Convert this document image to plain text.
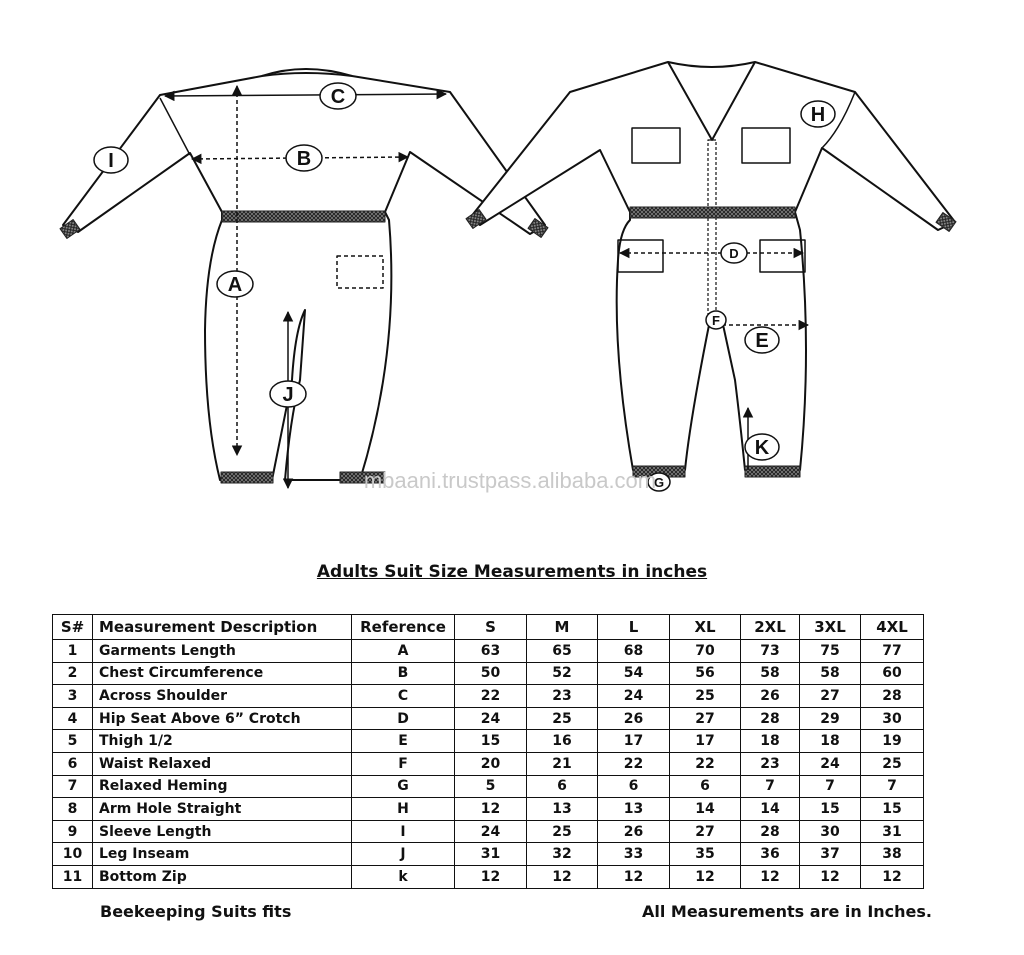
C
B
I
A
J
H
D
F
E
K
G
mbaani.trustpass.alibaba.com
Adults Suit Size Measurements in inches
S#	Measurement Description	Reference	S	M	L	XL	2XL	3XL	4XL
1	Garments Length	A	63	65	68	70	73	75	77
2	Chest Circumference	B	50	52	54	56	58	58	60
3	Across Shoulder	C	22	23	24	25	26	27	28
4	Hip Seat Above 6” Crotch	D	24	25	26	27	28	29	30
5	Thigh 1/2	E	15	16	17	17	18	18	19
6	Waist Relaxed	F	20	21	22	22	23	24	25
7	Relaxed Heming	G	5	6	6	6	7	7	7
8	Arm Hole Straight	H	12	13	13	14	14	15	15
9	Sleeve Length	I	24	25	26	27	28	30	31
10	Leg Inseam	J	31	32	33	35	36	37	38
11	Bottom Zip	k	12	12	12	12	12	12	12
Beekeeping Suits fits	All Measurements are in Inches.
